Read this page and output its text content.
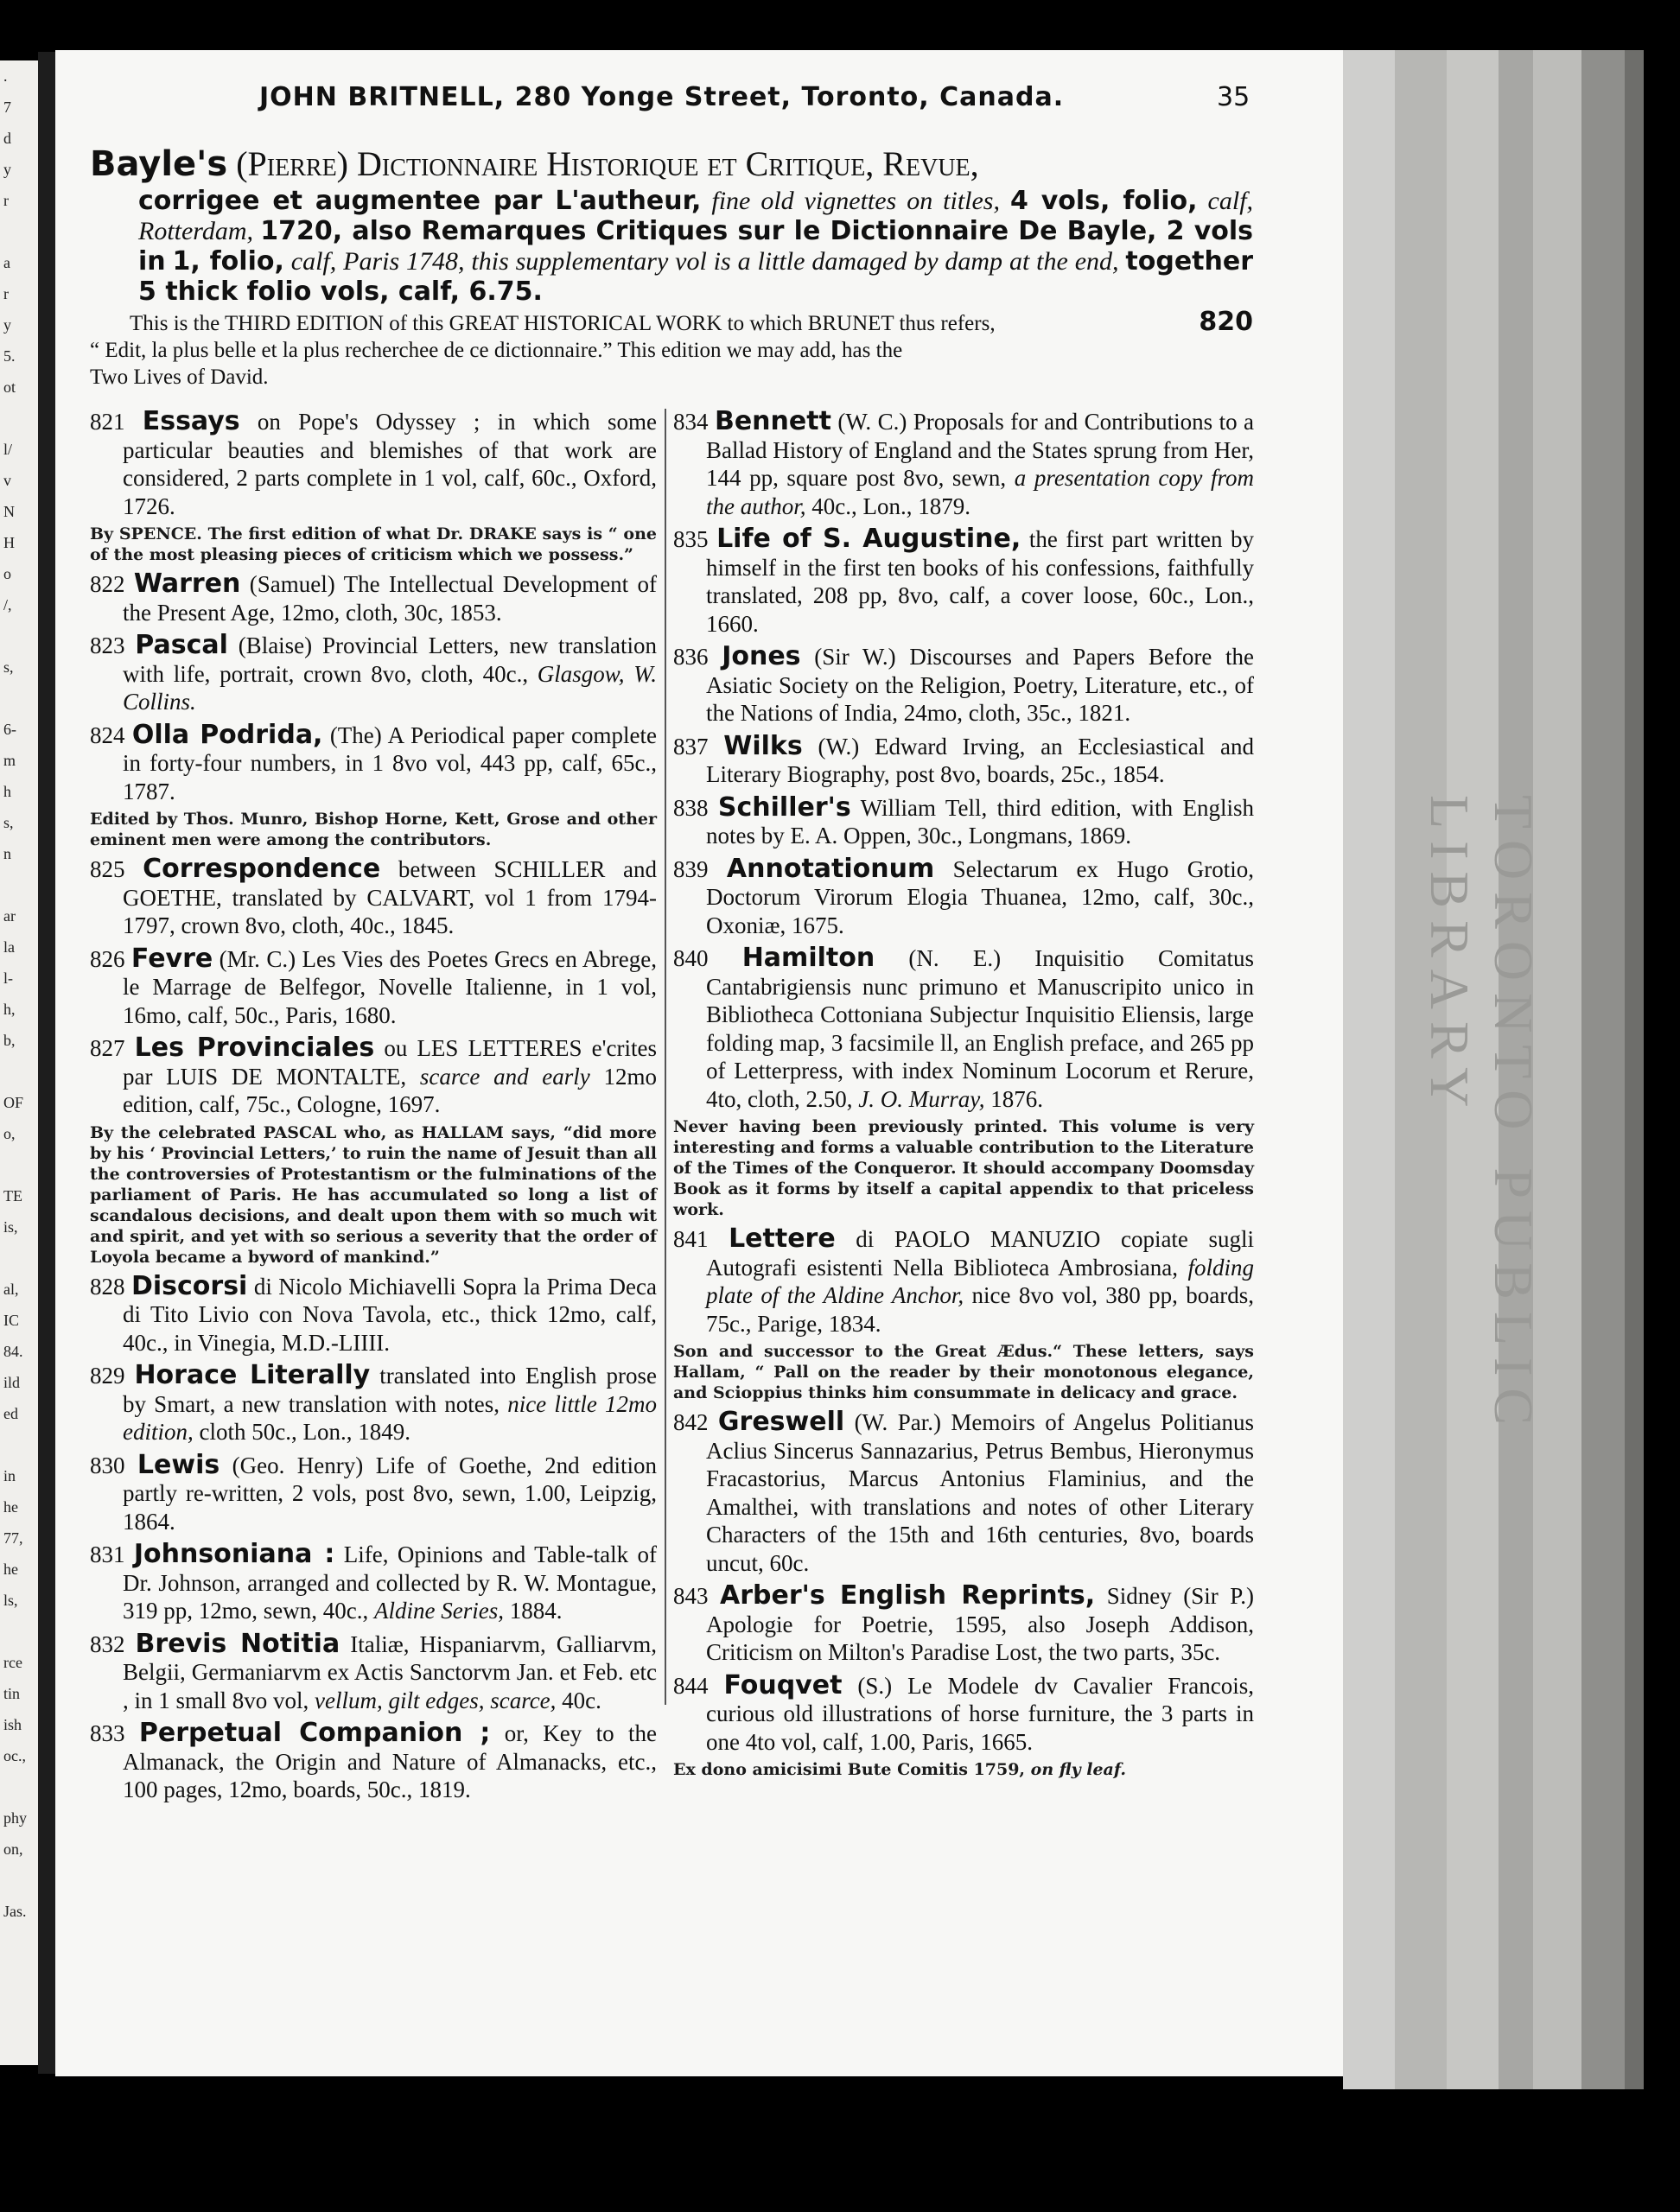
.
7
d
y
r
a
r
y
5.
ot
l/
v
N
H
o
/,
s,
6-
m
h
s,
n
ar
la
l-
h,
b,
OF
o,
TE
is,
al,
IC
84.
ild
ed
in
he
77,
he
ls,
rce
tin
ish
oc.,
phy
on,
Jas.
TORONTO PUBLIC LIBRARY
JOHN BRITNELL, 280 Yonge Street, Toronto, Canada.	35
Bayle's (Pierre) Dictionnaire Historique et Critique, Revue,
corrigee et augmentee par L'autheur, fine old vignettes on titles, 4 vols, folio, calf, Rotterdam, 1720, also Remarques Critiques sur le Dictionnaire De Bayle, 2 vols in 1, folio, calf, Paris 1748, this supplementary vol is a little damaged by damp at the end, together 5 thick folio vols, calf, 6.75.
820
This is the THIRD EDITION of this GREAT HISTORICAL WORK to which BRUNET thus refers,
“ Edit, la plus belle et la plus recherchee de ce dictionnaire.” This edition we may add, has the
Two Lives of David.
821 Essays on Pope's Odyssey ; in which some particular beauties and blemishes of that work are considered, 2 parts complete in 1 vol, calf, 60c., Oxford, 1726.
By SPENCE. The first edition of what Dr. DRAKE says is “ one of the most pleasing pieces of criticism which we possess.”
822 Warren (Samuel) The Intellectual Development of the Present Age, 12mo, cloth, 30c, 1853.
823 Pascal (Blaise) Provincial Letters, new translation with life, portrait, crown 8vo, cloth, 40c., Glasgow, W. Collins.
824 Olla Podrida, (The) A Periodical paper complete in forty-four numbers, in 1 8vo vol, 443 pp, calf, 65c., 1787.
Edited by Thos. Munro, Bishop Horne, Kett, Grose and other eminent men were among the contributors.
825 Correspondence between SCHILLER and GOETHE, translated by CALVART, vol 1 from 1794-1797, crown 8vo, cloth, 40c., 1845.
826 Fevre (Mr. C.) Les Vies des Poetes Grecs en Abrege, le Marrage de Belfegor, Novelle Italienne, in 1 vol, 16mo, calf, 50c., Paris, 1680.
827 Les Provinciales ou LES LETTERES e'crites par LUIS DE MONTALTE, scarce and early 12mo edition, calf, 75c., Cologne, 1697.
By the celebrated PASCAL who, as HALLAM says, “did more by his ‘ Provincial Letters,’ to ruin the name of Jesuit than all the controversies of Protestantism or the fulminations of the parliament of Paris. He has accumulated so long a list of scandalous decisions, and dealt upon them with so much wit and spirit, and yet with so serious a severity that the order of Loyola became a byword of mankind.”
828 Discorsi di Nicolo Michiavelli Sopra la Prima Deca di Tito Livio con Nova Tavola, etc., thick 12mo, calf, 40c., in Vinegia, M.D.-LIIII.
829 Horace Literally translated into English prose by Smart, a new translation with notes, nice little 12mo edition, cloth 50c., Lon., 1849.
830 Lewis (Geo. Henry) Life of Goethe, 2nd edition partly re-written, 2 vols, post 8vo, sewn, 1.00, Leipzig, 1864.
831 Johnsoniana : Life, Opinions and Table-talk of Dr. Johnson, arranged and collected by R. W. Montague, 319 pp, 12mo, sewn, 40c., Aldine Series, 1884.
832 Brevis Notitia Italiæ, Hispaniarvm, Galliarvm, Belgii, Germaniarvm ex Actis Sanctorvm Jan. et Feb. etc , in 1 small 8vo vol, vellum, gilt edges, scarce, 40c.
833 Perpetual Companion ; or, Key to the Almanack, the Origin and Nature of Almanacks, etc., 100 pages, 12mo, boards, 50c., 1819.
834 Bennett (W. C.) Proposals for and Contributions to a Ballad History of England and the States sprung from Her, 144 pp, square post 8vo, sewn, a presentation copy from the author, 40c., Lon., 1879.
835 Life of S. Augustine, the first part written by himself in the first ten books of his confessions, faithfully translated, 208 pp, 8vo, calf, a cover loose, 60c., Lon., 1660.
836 Jones (Sir W.) Discourses and Papers Before the Asiatic Society on the Religion, Poetry, Literature, etc., of the Nations of India, 24mo, cloth, 35c., 1821.
837 Wilks (W.) Edward Irving, an Ecclesiastical and Literary Biography, post 8vo, boards, 25c., 1854.
838 Schiller's William Tell, third edition, with English notes by E. A. Oppen, 30c., Longmans, 1869.
839 Annotationum Selectarum ex Hugo Grotio, Doctorum Virorum Elogia Thuanea, 12mo, calf, 30c., Oxoniæ, 1675.
840 Hamilton (N. E.) Inquisitio Comitatus Cantabrigiensis nunc primuno et Manuscripito unico in Bibliotheca Cottoniana Subjectur Inquisitio Eliensis, large folding map, 3 facsimile ll, an English preface, and 265 pp of Letterpress, with index Nominum Locorum et Rerure, 4to, cloth, 2.50, J. O. Murray, 1876.
Never having been previously printed. This volume is very interesting and forms a valuable contribution to the Literature of the Times of the Conqueror. It should accompany Doomsday Book as it forms by itself a capital appendix to that priceless work.
841 Lettere di PAOLO MANUZIO copiate sugli Autografi esistenti Nella Biblioteca Ambrosiana, folding plate of the Aldine Anchor, nice 8vo vol, 380 pp, boards, 75c., Parige, 1834.
Son and successor to the Great Ædus.“ These letters, says Hallam, “ Pall on the reader by their monotonous elegance, and Scioppius thinks him consummate in delicacy and grace.
842 Greswell (W. Par.) Memoirs of Angelus Politianus Aclius Sincerus Sannazarius, Petrus Bembus, Hieronymus Fracastorius, Marcus Antonius Flaminius, and the Amalthei, with translations and notes of other Literary Characters of the 15th and 16th centuries, 8vo, boards uncut, 60c.
843 Arber's English Reprints, Sidney (Sir P.) Apologie for Poetrie, 1595, also Joseph Addison, Criticism on Milton's Paradise Lost, the two parts, 35c.
844 Fouqvet (S.) Le Modele dv Cavalier Francois, curious old illustrations of horse furniture, the 3 parts in one 4to vol, calf, 1.00, Paris, 1665.
Ex dono amicisimi Bute Comitis 1759, on fly leaf.
